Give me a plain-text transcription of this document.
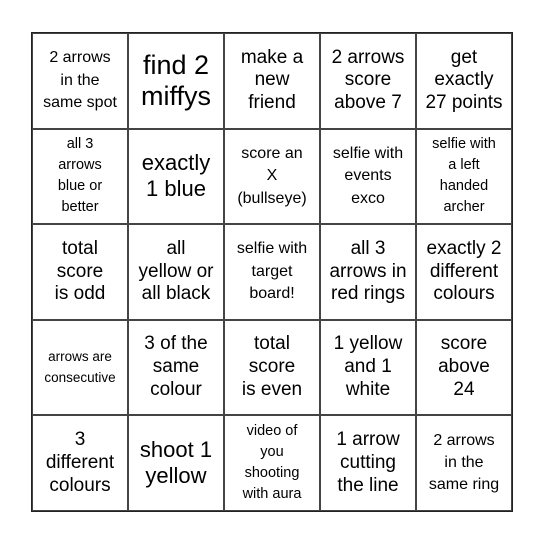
2 arrows
in the
same spot
find 2
miffys
make a
new
friend
2 arrows
score
above 7
get
exactly
27 points
all 3
arrows
blue or
better
exactly
1 blue
score an
X
(bullseye)
selfie with
events
exco
selfie with
a left
handed
archer
total
score
is odd
all
yellow or
all black
selfie with
target
board!
all 3
arrows in
red rings
exactly 2
different
colours
arrows are
consecutive
3 of the
same
colour
total
score
is even
1 yellow
and 1
white
score
above
24
3
different
colours
shoot 1
yellow
video of
you
shooting
with aura
1 arrow
cutting
the line
2 arrows
in the
same ring
